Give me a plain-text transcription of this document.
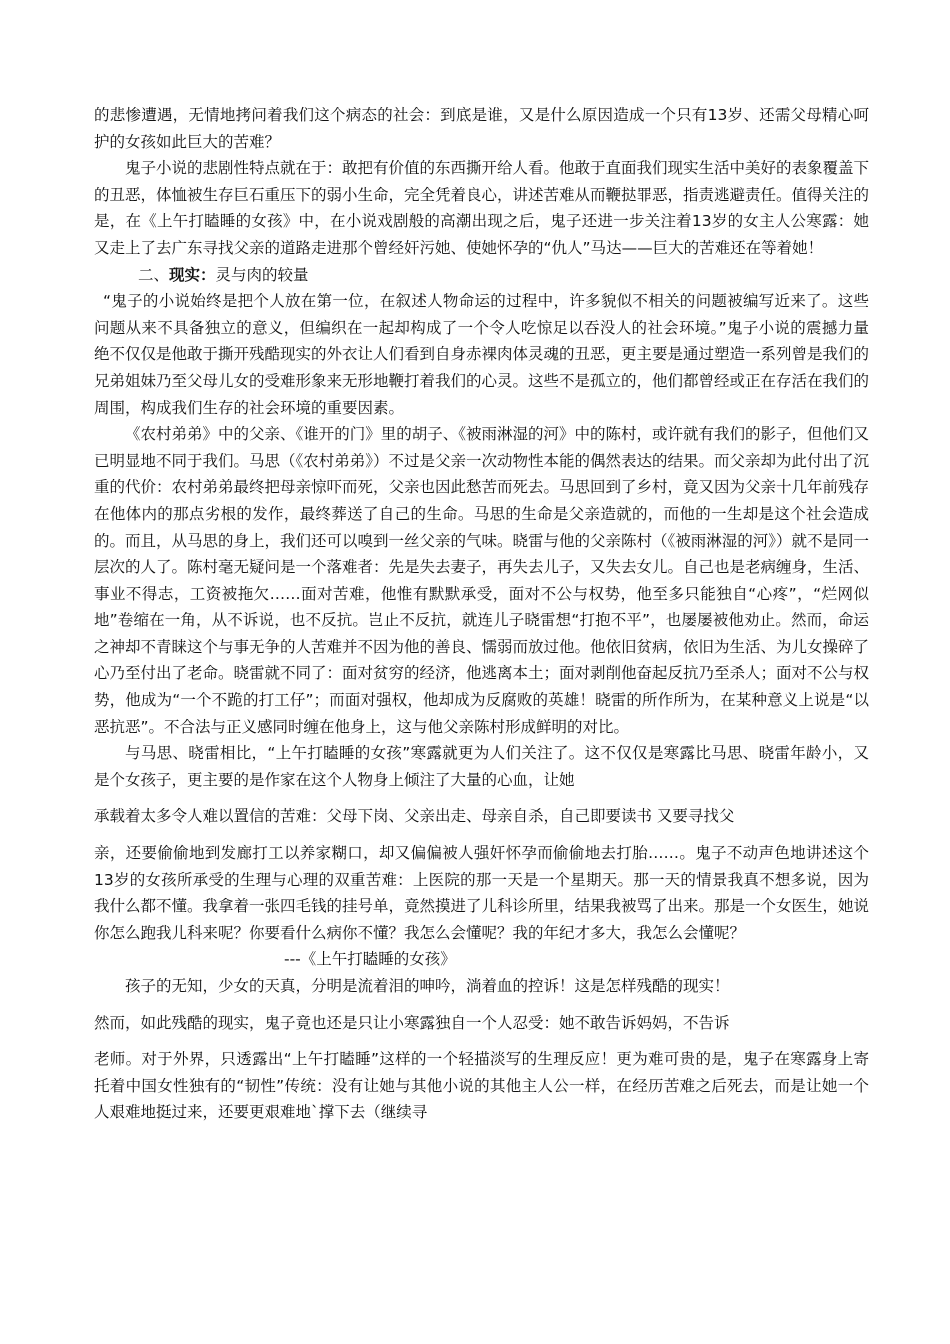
的悲惨遭遇，无情地拷问着我们这个病态的社会：到底是谁，又是什么原因造成一个只有13岁、还需父母精心呵护的女孩如此巨大的苦难？

鬼子小说的悲剧性特点就在于：敢把有价值的东西撕开给人看。他敢于直面我们现实生活中美好的表象覆盖下的丑恶，体恤被生存巨石重压下的弱小生命，完全凭着良心，讲述苦难从而鞭挞罪恶，指责逃避责任。值得关注的是，在《上午打瞌睡的女孩》中，在小说戏剧般的高潮出现之后，鬼子还进一步关注着13岁的女主人公寒露：她又走上了去广东寻找父亲的道路走进那个曾经奸污她、使她怀孕的“仇人”马达——巨大的苦难还在等着她！

二、现实：灵与肉的较量

“鬼子的小说始终是把个人放在第一位，在叙述人物命运的过程中，许多貌似不相关的问题被编写近来了。这些问题从来不具备独立的意义，但编织在一起却构成了一个令人吃惊足以吞没人的社会环境。”鬼子小说的震撼力量绝不仅仅是他敢于撕开残酷现实的外衣让人们看到自身赤裸肉体灵魂的丑恶，更主要是通过塑造一系列曾是我们的兄弟姐妹乃至父母儿女的受难形象来无形地鞭打着我们的心灵。这些不是孤立的，他们都曾经或正在存活在我们的周围，构成我们生存的社会环境的重要因素。

《农村弟弟》中的父亲、《谁开的门》里的胡子、《被雨淋湿的河》中的陈村，或许就有我们的影子，但他们又已明显地不同于我们。马思（《农村弟弟》）不过是父亲一次动物性本能的偶然表达的结果。而父亲却为此付出了沉重的代价：农村弟弟最终把母亲惊吓而死，父亲也因此愁苦而死去。马思回到了乡村，竟又因为父亲十几年前残存在他体内的那点劣根的发作，最终葬送了自己的生命。马思的生命是父亲造就的，而他的一生却是这个社会造成的。而且，从马思的身上，我们还可以嗅到一丝父亲的气味。晓雷与他的父亲陈村（《被雨淋湿的河》）就不是同一层次的人了。陈村毫无疑问是一个落难者：先是失去妻子，再失去儿子，又失去女儿。自己也是老病缠身，生活、事业不得志，工资被拖欠……面对苦难，他惟有默默承受，面对不公与权势，他至多只能独自“心疼”，“烂网似地”卷缩在一角，从不诉说，也不反抗。岂止不反抗，就连儿子晓雷想“打抱不平”，也屡屡被他劝止。然而，命运之神却不青睐这个与事无争的人苦难并不因为他的善良、懦弱而放过他。他依旧贫病，依旧为生活、为儿女操碎了心乃至付出了老命。晓雷就不同了：面对贫穷的经济，他逃离本土；面对剥削他奋起反抗乃至杀人；面对不公与权势，他成为“一个不跪的打工仔”；而面对强权，他却成为反腐败的英雄！晓雷的所作所为，在某种意义上说是“以恶抗恶”。不合法与正义感同时缠在他身上，这与他父亲陈村形成鲜明的对比。

与马思、晓雷相比，“上午打瞌睡的女孩”寒露就更为人们关注了。这不仅仅是寒露比马思、晓雷年龄小，又是个女孩子，更主要的是作家在这个人物身上倾注了大量的心血，让她

承载着太多令人难以置信的苦难：父母下岗、父亲出走、母亲自杀，自己即要读书 又要寻找父

亲，还要偷偷地到发廊打工以养家糊口，却又偏偏被人强奸怀孕而偷偷地去打胎……。鬼子不动声色地讲述这个13岁的女孩所承受的生理与心理的双重苦难：上医院的那一天是一个星期天。那一天的情景我真不想多说，因为我什么都不懂。我拿着一张四毛钱的挂号单，竟然摸进了儿科诊所里，结果我被骂了出来。那是一个女医生，她说你怎么跑我儿科来呢？你要看什么病你不懂？我怎么会懂呢？我的年纪才多大，我怎么会懂呢？

---《上午打瞌睡的女孩》

孩子的无知，少女的天真，分明是流着泪的呻吟，淌着血的控诉！这是怎样残酷的现实！

然而，如此残酷的现实，鬼子竟也还是只让小寒露独自一个人忍受：她不敢告诉妈妈，不告诉

老师。对于外界，只透露出“上午打瞌睡”这样的一个轻描淡写的生理反应！更为难可贵的是，鬼子在寒露身上寄托着中国女性独有的“韧性”传统：没有让她与其他小说的其他主人公一样，在经历苦难之后死去，而是让她一个人艰难地挺过来，还要更艰难地`撑下去（继续寻
